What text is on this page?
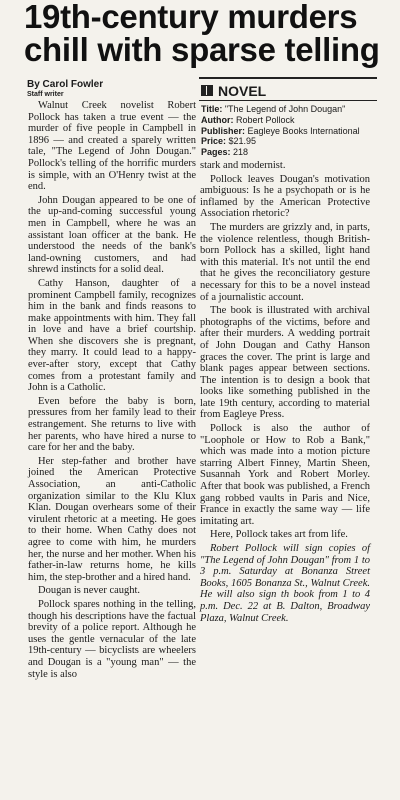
19th-century murders
chill with sparse telling
By Carol Fowler
Staff writer	NOVEL
Title: "The Legend of John Dougan"
Author: Robert Pollock
Publisher: Eagleye Books International
Price: $21.95
Pages: 218

Walnut Creek novelist Robert Pollock has taken a true event — the murder of five people in Campbell in 1896 — and created a sparely written tale, "The Legend of John Dougan." Pollock's telling of the horrific murders is simple, with an O'Henry twist at the end.

John Dougan appeared to be one of the up-and-coming successful young men in Campbell, where he was an assistant loan officer at the bank. He understood the needs of the bank's land-owning customers, and had shrewd instincts for a solid deal.

Cathy Hanson, daughter of a prominent Campbell family, recognizes him in the bank and finds reasons to make appointments with him. They fall in love and have a brief courtship. When she discovers she is pregnant, they marry. It could lead to a happy-ever-after story, except that Cathy comes from a protestant family and John is a Catholic.

Even before the baby is born, pressures from her family lead to their estrangement. She returns to live with her parents, who have hired a nurse to care for her and the baby.

Her step-father and brother have joined the American Protective Association, an anti-Catholic organization similar to the Klu Klux Klan. Dougan overhears some of their virulent rhetoric at a meeting. He goes to their home. When Cathy does not agree to come with him, he murders her, the nurse and her mother. When his father-in-law returns home, he kills him, the step-brother and a hired hand.

Dougan is never caught.

Pollock spares nothing in the telling, though his descriptions have the factual brevity of a police report. Although he uses the gentle vernacular of the late 19th-century — bicyclists are wheelers and Dougan is a "young man" — the style is also

stark and modernist.

Pollock leaves Dougan's motivation ambiguous: Is he a psychopath or is he inflamed by the American Protective Association rhetoric?

The murders are grizzly and, in parts, the violence relentless, though British-born Pollock has a skilled, light hand with this material. It's not until the end that he gives the reconciliatory gesture necessary for this to be a novel instead of a journalistic account.

The book is illustrated with archival photographs of the victims, before and after their murders. A wedding portrait of John Dougan and Cathy Hanson graces the cover. The print is large and blank pages appear between sections. The intention is to design a book that looks like something published in the late 19th century, according to material from Eagleye Press.

Pollock is also the author of "Loophole or How to Rob a Bank," which was made into a motion picture starring Albert Finney, Martin Sheen, Susannah York and Robert Morley. After that book was published, a French gang robbed vaults in Paris and Nice, France in exactly the same way — life imitating art.

Here, Pollock takes art from life.

Robert Pollock will sign copies of "The Legend of John Dougan" from 1 to 3 p.m. Saturday at Bonanza Street Books, 1605 Bonanza St., Walnut Creek. He will also sign th book from 1 to 4 p.m. Dec. 22 at B. Dalton, Broadway Plaza, Walnut Creek.
